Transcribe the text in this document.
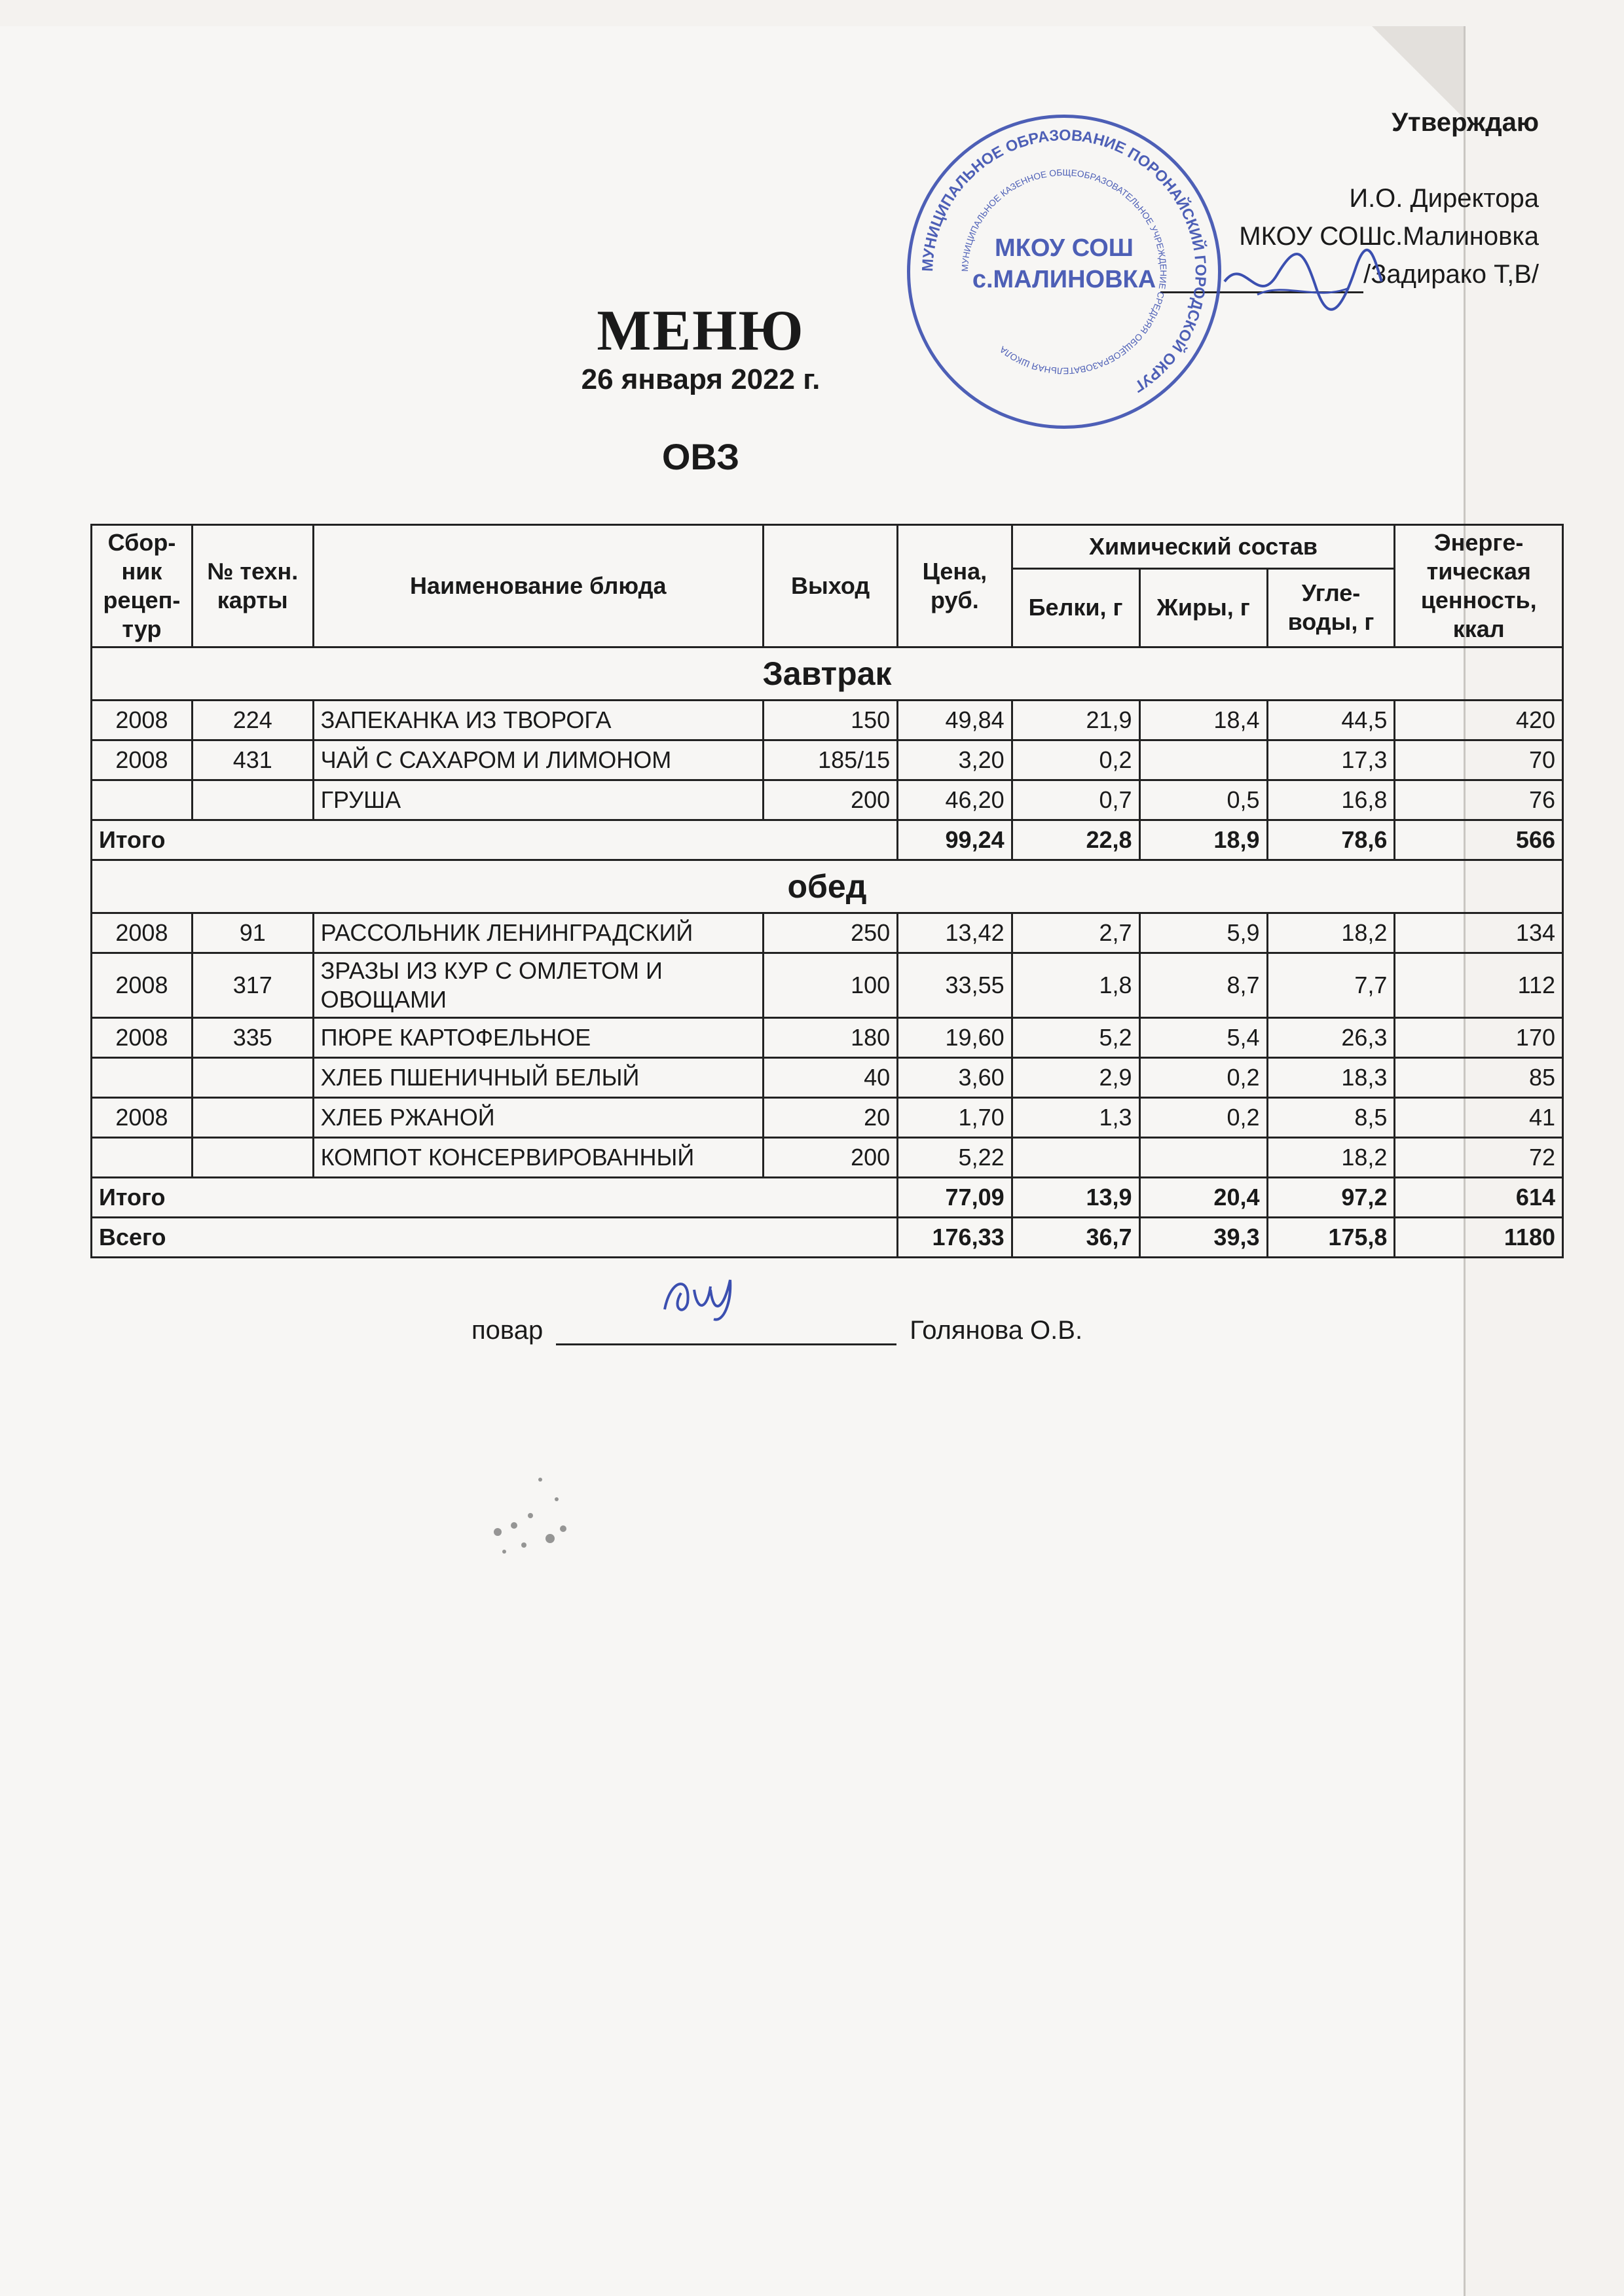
Утверждаю
И.О. Директора
МКОУ СОШс.Малиновка
/Задирако Т,В/
МУНИЦИПАЛЬНОЕ ОБРАЗОВАНИЕ ПОРОНАЙСКИЙ ГОРОДСКОЙ ОКРУГ
МУНИЦИПАЛЬНОЕ КАЗЕННОЕ ОБЩЕОБРАЗОВАТЕЛЬНОЕ УЧРЕЖДЕНИЕ СРЕДНЯЯ ОБЩЕОБРАЗОВАТЕЛЬНАЯ ШКОЛА
МКОУ СОШ
с.МАЛИНОВКА
МЕНЮ
26 января 2022 г.
ОВЗ
Сбор-ник рецеп-тур	№ техн. карты	Наименование блюда	Выход	Цена, руб.	Химический состав			Энерге-тическая ценность, ккал
					Белки, г	Жиры, г	Угле-воды, г	
Завтрак								
2008	224	ЗАПЕКАНКА ИЗ ТВОРОГА	150	49,84	21,9	18,4	44,5	420
2008	431	ЧАЙ С САХАРОМ И ЛИМОНОМ	185/15	3,20	0,2		17,3	70
		ГРУША	200	46,20	0,7	0,5	16,8	76
Итого				99,24	22,8	18,9	78,6	566
обед								
2008	91	РАССОЛЬНИК ЛЕНИНГРАДСКИЙ	250	13,42	2,7	5,9	18,2	134
2008	317	ЗРАЗЫ ИЗ КУР С ОМЛЕТОМ И ОВОЩАМИ	100	33,55	1,8	8,7	7,7	112
2008	335	ПЮРЕ КАРТОФЕЛЬНОЕ	180	19,60	5,2	5,4	26,3	170
		ХЛЕБ ПШЕНИЧНЫЙ БЕЛЫЙ	40	3,60	2,9	0,2	18,3	85
2008		ХЛЕБ РЖАНОЙ	20	1,70	1,3	0,2	8,5	41
		КОМПОТ КОНСЕРВИРОВАННЫЙ	200	5,22			18,2	72
Итого				77,09	13,9	20,4	97,2	614
Всего				176,33	36,7	39,3	175,8	1180
повар	Голянова О.В.
